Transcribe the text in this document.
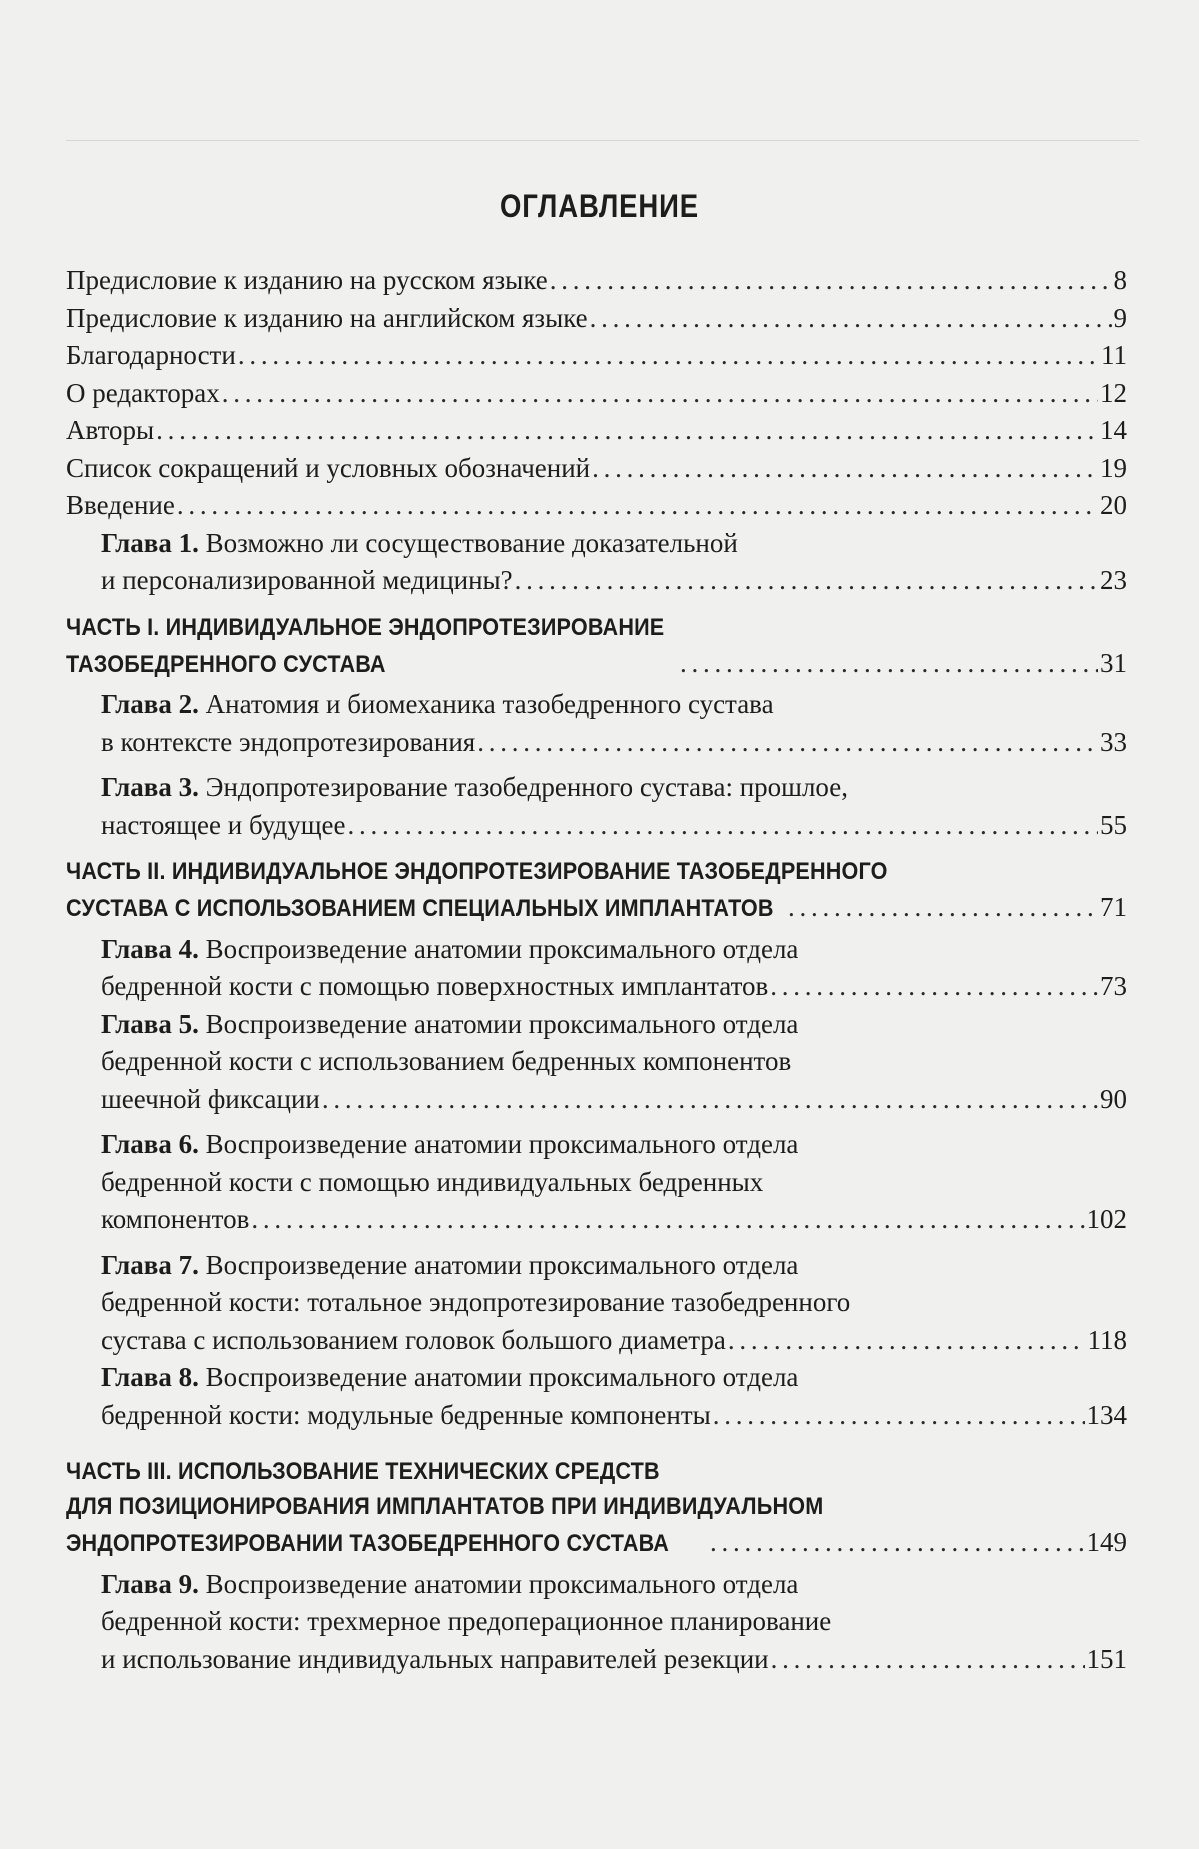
ОГЛАВЛЕНИЕ
Предисловие к изданию на русском языке . . .	8
Предисловие к изданию на английском языке . . .	9
Благодарности . . .	11
О редакторах . . .	12
Авторы . . .	14
Список сокращений и условных обозначений . . .	19
Введение . . .	20
Глава 1. Возможно ли сосуществование доказательной
и персонализированной медицины? . . .	23
ЧАСТЬ I. ИНДИВИДУАЛЬНОЕ ЭНДОПРОТЕЗИРОВАНИЕ
ТАЗОБЕДРЕННОГО СУСТАВА . . .	31
Глава 2. Анатомия и биомеханика тазобедренного сустава
в контексте эндопротезирования . . .	33
Глава 3. Эндопротезирование тазобедренного сустава: прошлое,
настоящее и будущее . . .	55
ЧАСТЬ II. ИНДИВИДУАЛЬНОЕ ЭНДОПРОТЕЗИРОВАНИЕ ТАЗОБЕДРЕННОГО
СУСТАВА С ИСПОЛЬЗОВАНИЕМ СПЕЦИАЛЬНЫХ ИМПЛАНТАТОВ . . .	71
Глава 4. Воспроизведение анатомии проксимального отдела
бедренной кости с помощью поверхностных имплантатов . . .	73
Глава 5. Воспроизведение анатомии проксимального отдела
бедренной кости с использованием бедренных компонентов
шеечной фиксации . . .	90
Глава 6. Воспроизведение анатомии проксимального отдела
бедренной кости с помощью индивидуальных бедренных
компонентов . . .	102
Глава 7. Воспроизведение анатомии проксимального отдела
бедренной кости: тотальное эндопротезирование тазобедренного
сустава с использованием головок большого диаметра . . .	118
Глава 8. Воспроизведение анатомии проксимального отдела
бедренной кости: модульные бедренные компоненты . . .	134
ЧАСТЬ III. ИСПОЛЬЗОВАНИЕ ТЕХНИЧЕСКИХ СРЕДСТВ
ДЛЯ ПОЗИЦИОНИРОВАНИЯ ИМПЛАНТАТОВ ПРИ ИНДИВИДУАЛЬНОМ
ЭНДОПРОТЕЗИРОВАНИИ ТАЗОБЕДРЕННОГО СУСТАВА . . .	149
Глава 9. Воспроизведение анатомии проксимального отдела
бедренной кости: трехмерное предоперационное планирование
и использование индивидуальных направителей резекции . . .	151
